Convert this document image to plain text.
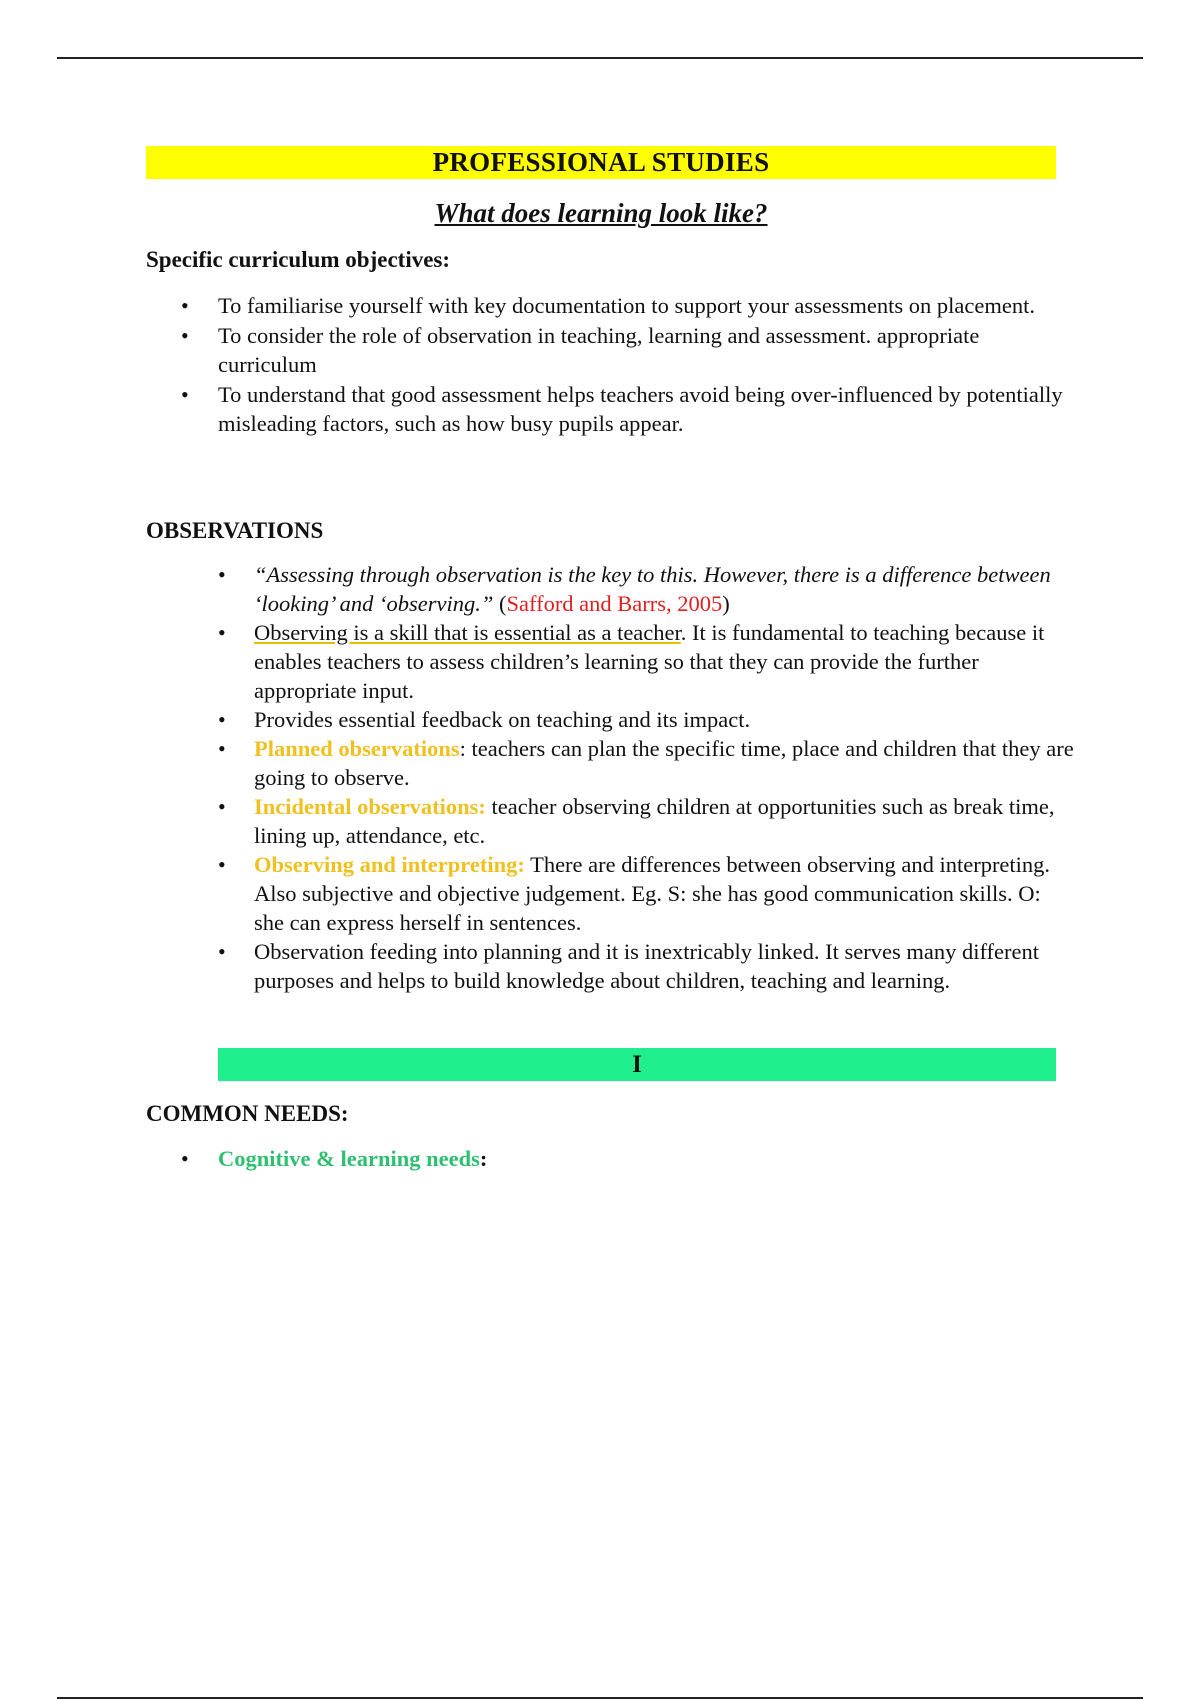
PROFESSIONAL STUDIES
What does learning look like?
Specific curriculum objectives:
• To familiarise yourself with key documentation to support your assessments on placement.
• To consider the role of observation in teaching, learning and assessment. appropriate curriculum
• To understand that good assessment helps teachers avoid being over-influenced by potentially misleading factors, such as how busy pupils appear.
OBSERVATIONS
• “Assessing through observation is the key to this. However, there is a difference between ‘looking’ and ‘observing.” (Safford and Barrs, 2005)
• Observing is a skill that is essential as a teacher. It is fundamental to teaching because it enables teachers to assess children’s learning so that they can provide the further appropriate input.
• Provides essential feedback on teaching and its impact.
• Planned observations: teachers can plan the specific time, place and children that they are going to observe.
• Incidental observations: teacher observing children at opportunities such as break time, lining up, attendance, etc.
• Observing and interpreting: There are differences between observing and interpreting. Also subjective and objective judgement. Eg. S: she has good communication skills. O: she can express herself in sentences.
• Observation feeding into planning and it is inextricably linked. It serves many different purposes and helps to build knowledge about children, teaching and learning.
I
COMMON NEEDS:
• Cognitive & learning needs:
